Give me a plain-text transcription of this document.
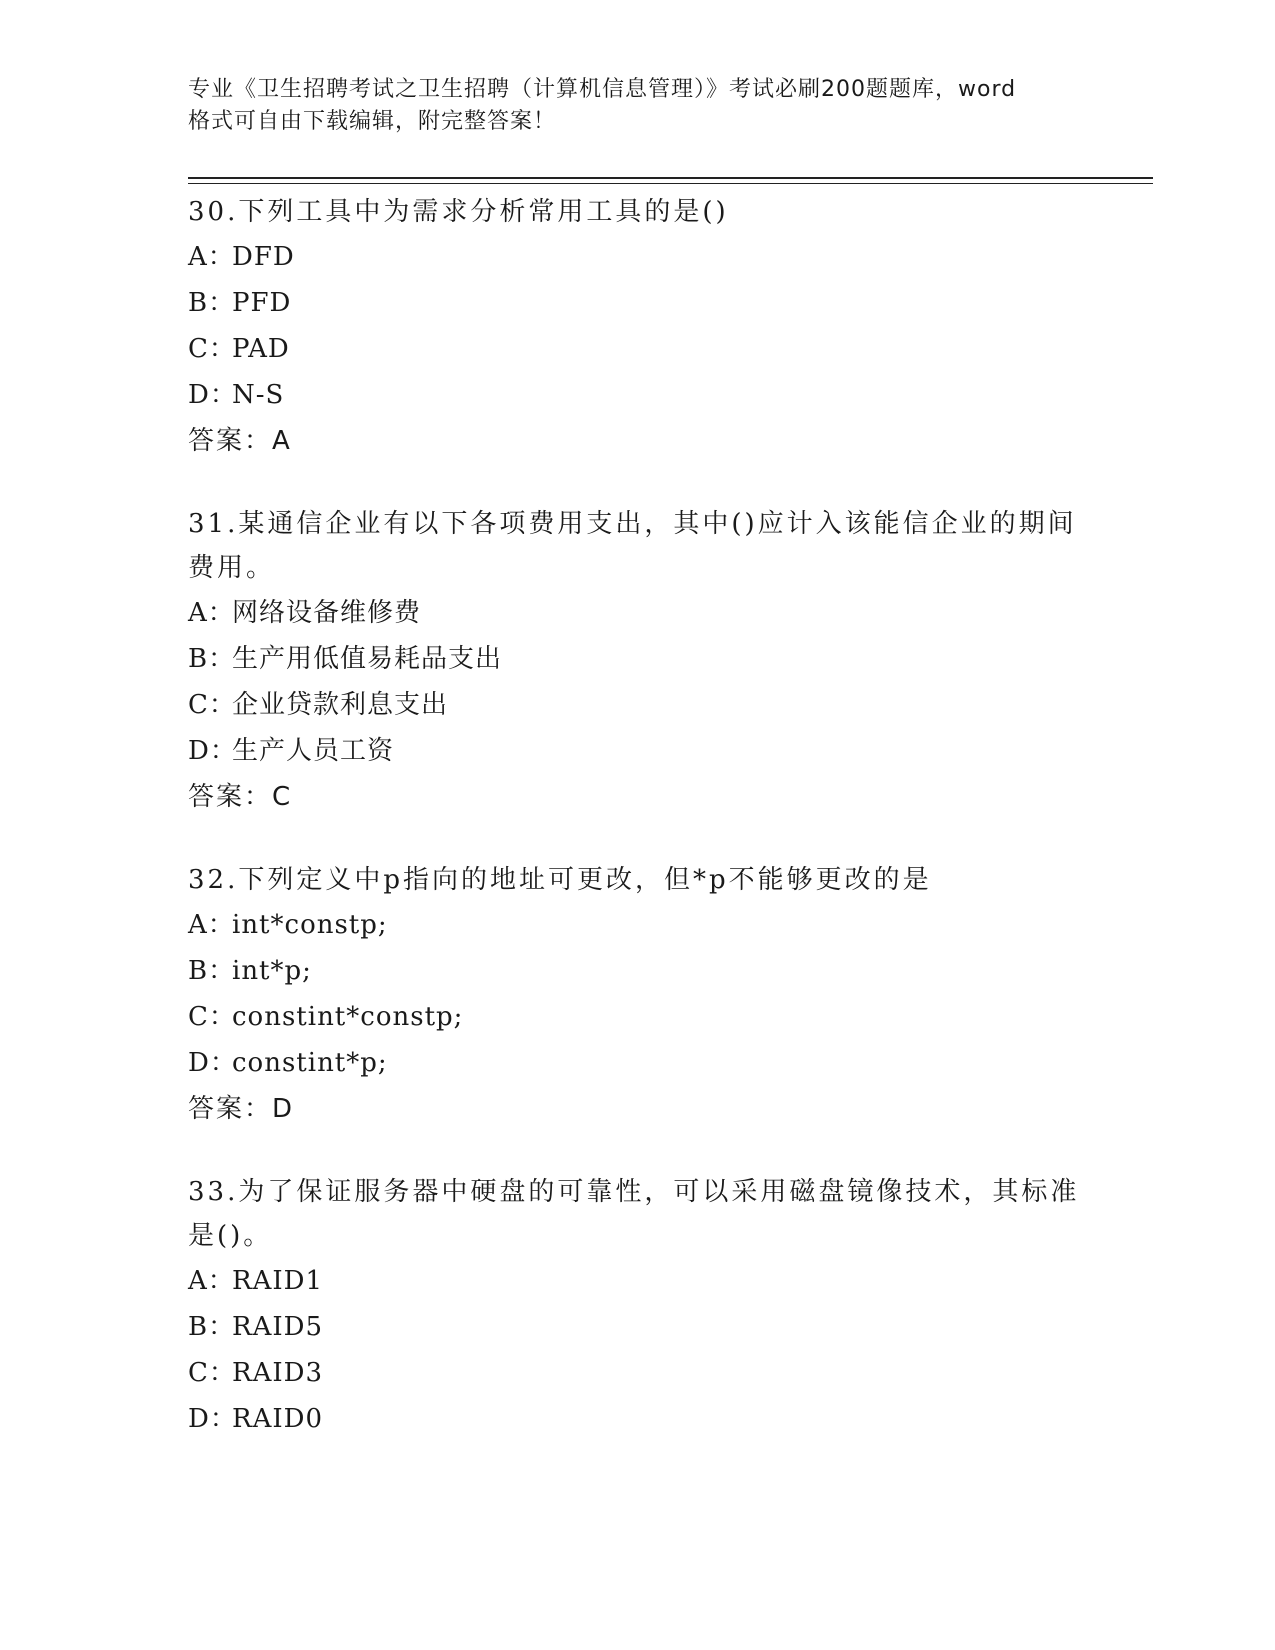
专业《卫生招聘考试之卫生招聘（计算机信息管理）》考试必刷200题题库，word
格式可自由下载编辑，附完整答案！

30.下列工具中为需求分析常用工具的是()

A：DFD

B：PFD

C：PAD

D：N-S

答案：A

31.某通信企业有以下各项费用支出，其中()应计入该能信企业的期间费用。

A：网络设备维修费

B：生产用低值易耗品支出

C：企业贷款利息支出

D：生产人员工资

答案：C

32.下列定义中p指向的地址可更改，但*p不能够更改的是

A：int*constp;

B：int*p;

C：constint*constp;

D：constint*p;

答案：D

33.为了保证服务器中硬盘的可靠性，可以采用磁盘镜像技术，其标准是()。

A：RAID1

B：RAID5

C：RAID3

D：RAID0
